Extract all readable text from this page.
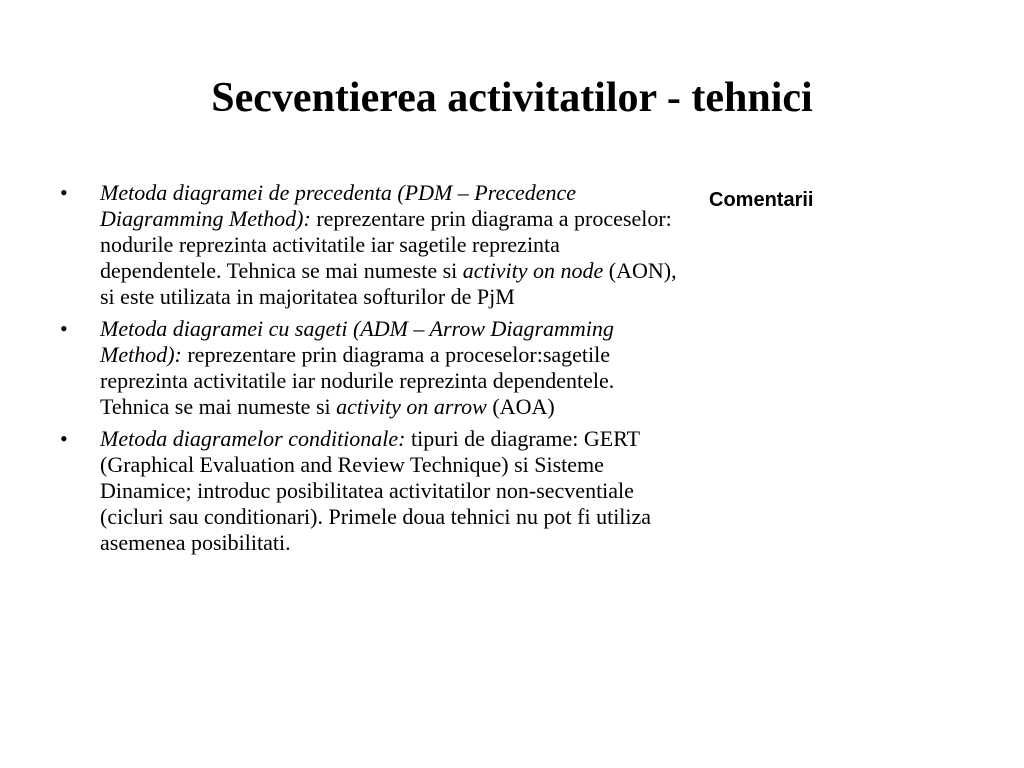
Secventierea activitatilor - tehnici
• Metoda diagramei de precedenta (PDM – Precedence Diagramming Method): reprezentare prin diagrama a proceselor: nodurile reprezinta activitatile iar sagetile reprezinta dependentele. Tehnica se mai numeste si activity on node (AON), si este utilizata in majoritatea softurilor de PjM
• Metoda diagramei cu sageti (ADM – Arrow Diagramming Method): reprezentare prin diagrama a proceselor:sagetile reprezinta activitatile iar nodurile reprezinta dependentele. Tehnica se mai numeste si activity on arrow (AOA)
• Metoda diagramelor conditionale: tipuri de diagrame: GERT (Graphical Evaluation and Review Technique) si Sisteme Dinamice; introduc posibilitatea activitatilor non-secventiale (cicluri sau conditionari). Primele doua tehnici nu pot fi utiliza asemenea posibilitati.

Comentarii
